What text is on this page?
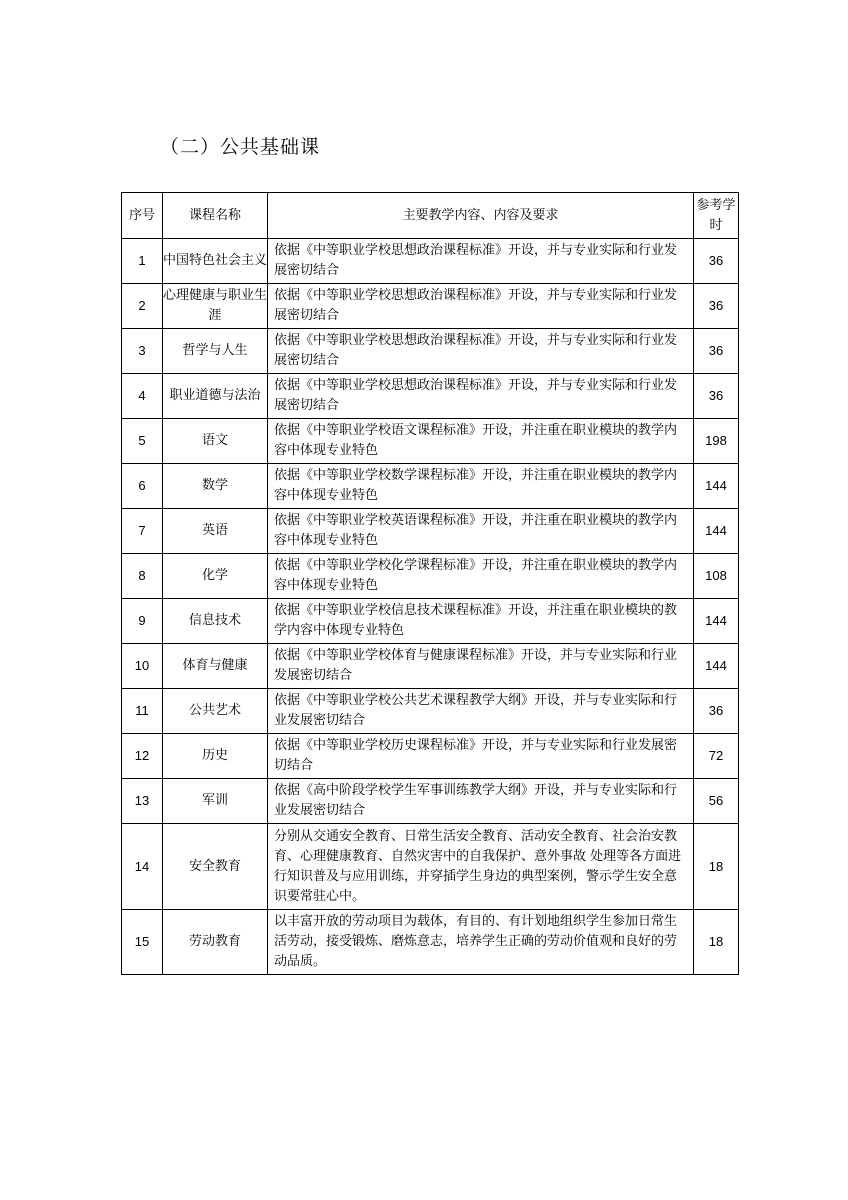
（二）公共基础课
序号	课程名称	主要教学内容、内容及要求	参考学时
1	中国特色社会主义	依据《中等职业学校思想政治课程标准》开设，并与专业实际和行业发展密切结合	36
2	心理健康与职业生涯	依据《中等职业学校思想政治课程标准》开设，并与专业实际和行业发展密切结合	36
3	哲学与人生	依据《中等职业学校思想政治课程标准》开设，并与专业实际和行业发展密切结合	36
4	职业道德与法治	依据《中等职业学校思想政治课程标准》开设，并与专业实际和行业发展密切结合	36
5	语文	依据《中等职业学校语文课程标准》开设，并注重在职业模块的教学内容中体现专业特色	198
6	数学	依据《中等职业学校数学课程标准》开设，并注重在职业模块的教学内容中体现专业特色	144
7	英语	依据《中等职业学校英语课程标准》开设，并注重在职业模块的教学内容中体现专业特色	144
8	化学	依据《中等职业学校化学课程标准》开设，并注重在职业模块的教学内容中体现专业特色	108
9	信息技术	依据《中等职业学校信息技术课程标准》开设，并注重在职业模块的教学内容中体现专业特色	144
10	体育与健康	依据《中等职业学校体育与健康课程标准》开设，并与专业实际和行业发展密切结合	144
11	公共艺术	依据《中等职业学校公共艺术课程教学大纲》开设，并与专业实际和行业发展密切结合	36
12	历史	依据《中等职业学校历史课程标准》开设，并与专业实际和行业发展密切结合	72
13	军训	依据《高中阶段学校学生军事训练教学大纲》开设，并与专业实际和行业发展密切结合	56
14	安全教育	分别从交通安全教育、日常生活安全教育、活动安全教育、社会治安教育、心理健康教育、自然灾害中的自我保护、意外事故 处理等各方面进行知识普及与应用训练，并穿插学生身边的典型案例，警示学生安全意识要常驻心中。	18
15	劳动教育	以丰富开放的劳动项目为载体，有目的、有计划地组织学生参加日常生活劳动，接受锻炼、磨炼意志，培养学生正确的劳动价值观和良好的劳动品质。	18
